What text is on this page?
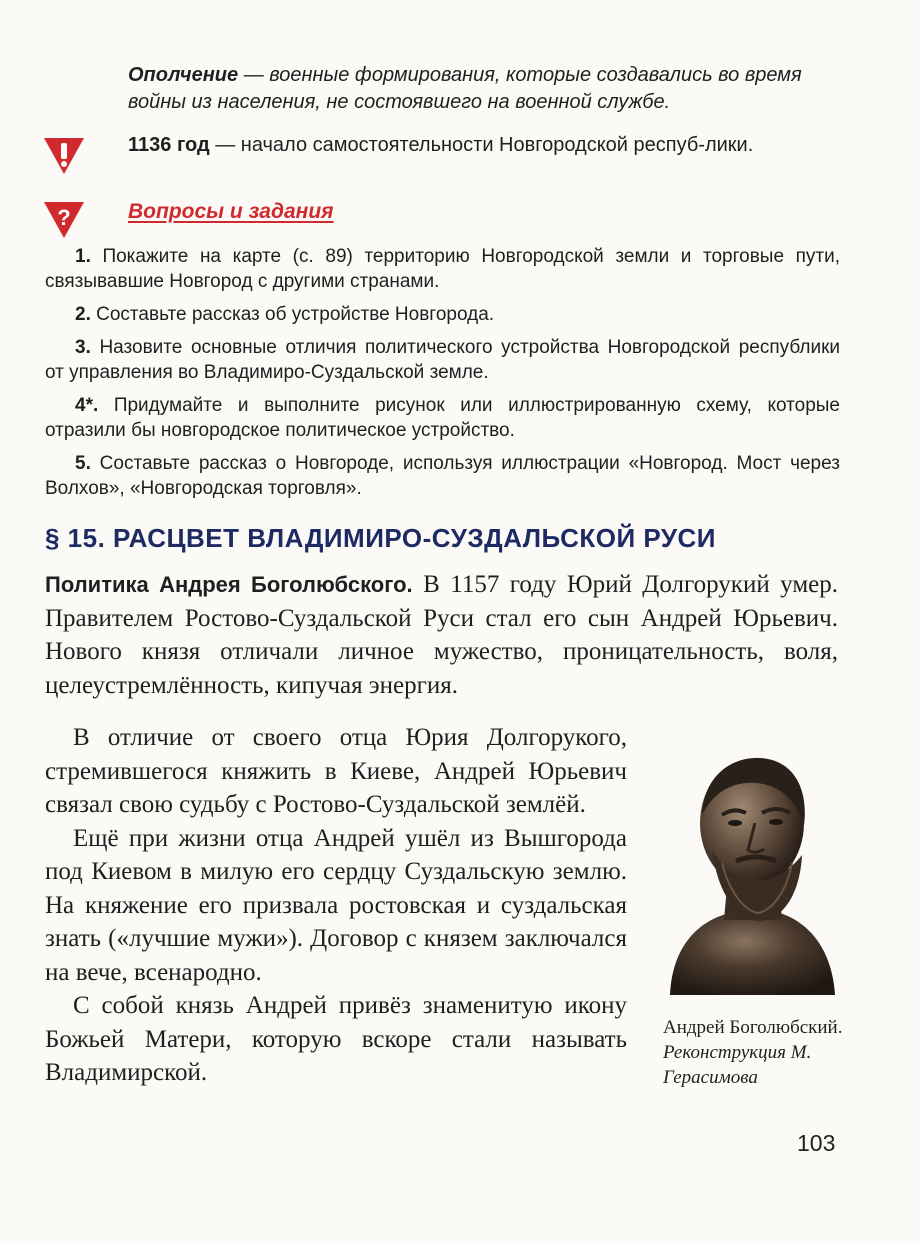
Ополчение — военные формирования, которые создавались во время войны из населения, не состоявшего на военной службе.
1136 год — начало самостоятельности Новгородской респуб-лики.
?	Вопросы и задания
1. Покажите на карте (с. 89) территорию Новгородской земли и торговые пути, связывавшие Новгород с другими странами.
2. Составьте рассказ об устройстве Новгорода.
3. Назовите основные отличия политического устройства Новгородской республики от управления во Владимиро-Суздальской земле.
4*. Придумайте и выполните рисунок или иллюстрированную схему, которые отразили бы новгородское политическое устройство.
5. Составьте рассказ о Новгороде, используя иллюстрации «Новгород. Мост через Волхов», «Новгородская торговля».
§ 15. РАСЦВЕТ ВЛАДИМИРО-СУЗДАЛЬСКОЙ РУСИ
Политика Андрея Боголюбского. В 1157 году Юрий Долгорукий умер. Правителем Ростово-Суздальской Руси стал его сын Андрей Юрьевич. Нового князя отличали личное мужество, проницательность, воля, целеустремлённость, кипучая энергия.

В отличие от своего отца Юрия Долгорукого, стремившегося княжить в Киеве, Андрей Юрьевич связал свою судьбу с Ростово-Суздальской землёй.

Ещё при жизни отца Андрей ушёл из Вышгорода под Киевом в милую его сердцу Суздальскую землю. На княжение его призвала ростовская и суздальская знать («лучшие мужи»). Договор с князем заключался на вече, всенародно.

С собой князь Андрей привёз знаменитую икону Божьей Матери, которую вскоре стали называть Владимирской.

Андрей Боголюбский.
Реконструкция М. Герасимова
103
